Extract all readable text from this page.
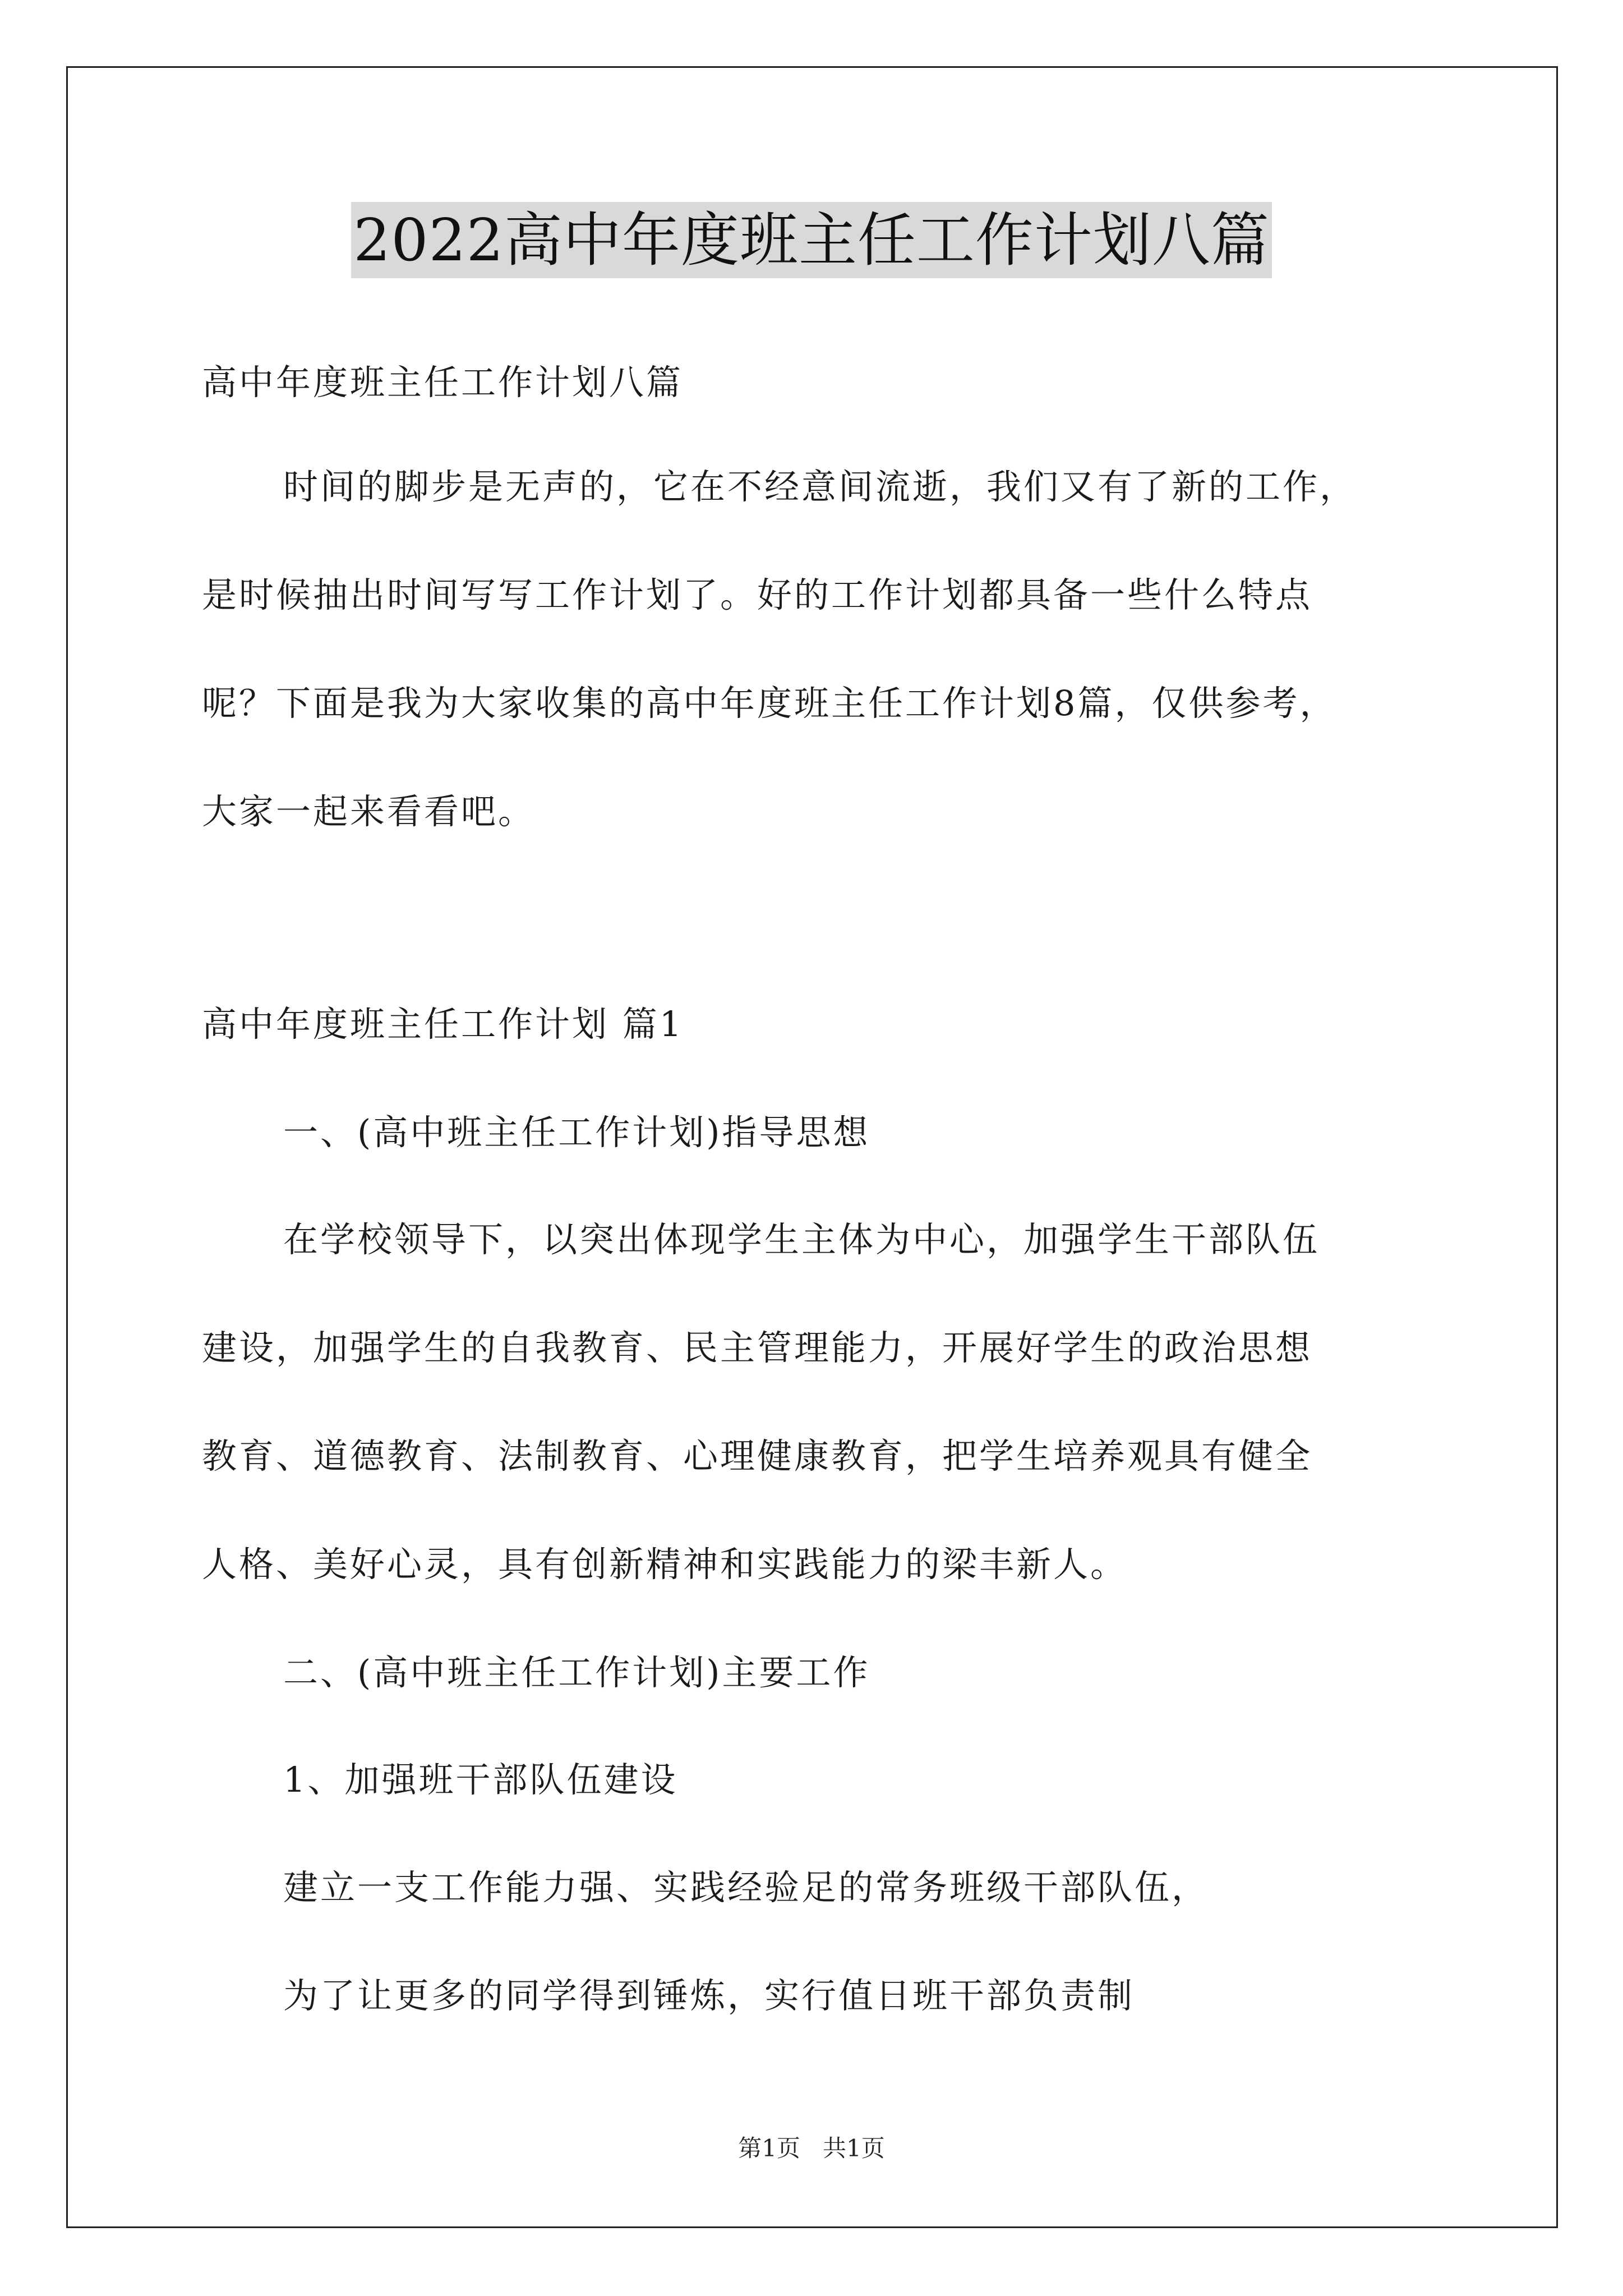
2022高中年度班主任工作计划八篇
高中年度班主任工作计划八篇
时间的脚步是无声的，它在不经意间流逝，我们又有了新的工作，
是时候抽出时间写写工作计划了。好的工作计划都具备一些什么特点
呢？下面是我为大家收集的高中年度班主任工作计划8篇，仅供参考，
大家一起来看看吧。
高中年度班主任工作计划 篇1
一、(高中班主任工作计划)指导思想
在学校领导下，以突出体现学生主体为中心，加强学生干部队伍
建设，加强学生的自我教育、民主管理能力，开展好学生的政治思想
教育、道德教育、法制教育、心理健康教育，把学生培养观具有健全
人格、美好心灵，具有创新精神和实践能力的梁丰新人。
二、(高中班主任工作计划)主要工作
1、加强班干部队伍建设
建立一支工作能力强、实践经验足的常务班级干部队伍，
为了让更多的同学得到锤炼，实行值日班干部负责制
第1页 共1页
